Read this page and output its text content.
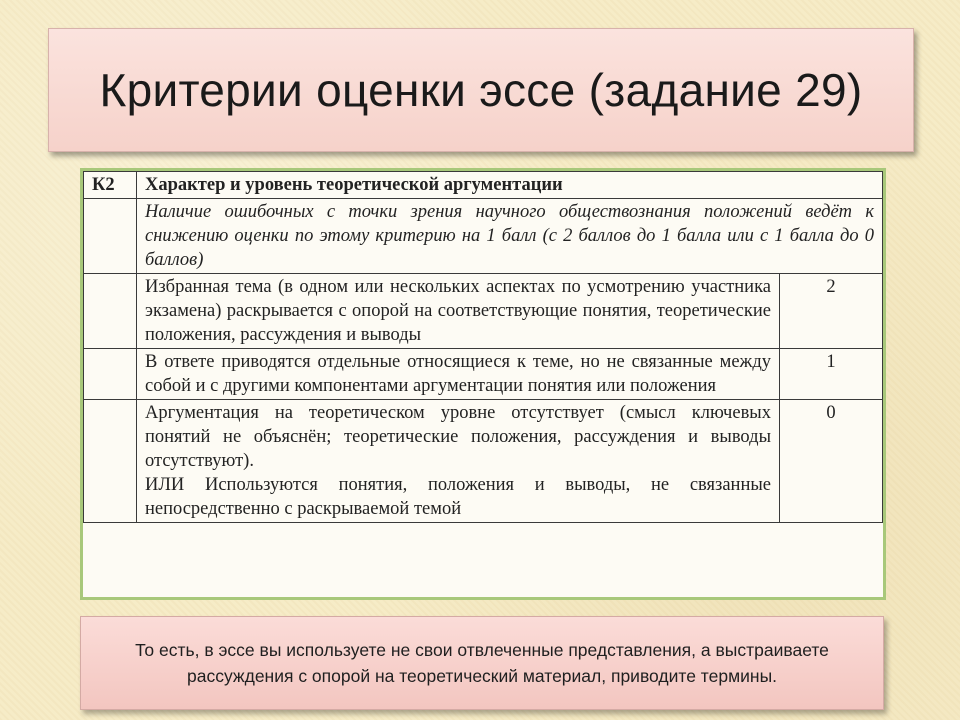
Критерии оценки эссе (задание 29)
К2	Характер и уровень теоретической аргументации	
	Наличие ошибочных с точки зрения научного обществознания положений ведёт к снижению оценки по этому критерию на 1 балл (с 2 баллов до 1 балла или с 1 балла до 0 баллов)	
	Избранная тема (в одном или нескольких аспектах по усмотрению участника экзамена) раскрывается с опорой на соответствующие понятия, теоретические положения, рассуждения и выводы	2
	В ответе приводятся отдельные относящиеся к теме, но не связанные между собой и с другими компонентами аргументации понятия или положения	1

	Аргументация на теоретическом уровне отсутствует (смысл ключевых понятий не объяснён; теоретические положения, рассуждения и выводы отсутствуют).
ИЛИ Используются понятия, положения и выводы, не связанные непосредственно с раскрываемой темой	0

То есть, в эссе вы используете не свои отвлеченные представления, а выстраиваете рассуждения с опорой на теоретический материал, приводите термины.
